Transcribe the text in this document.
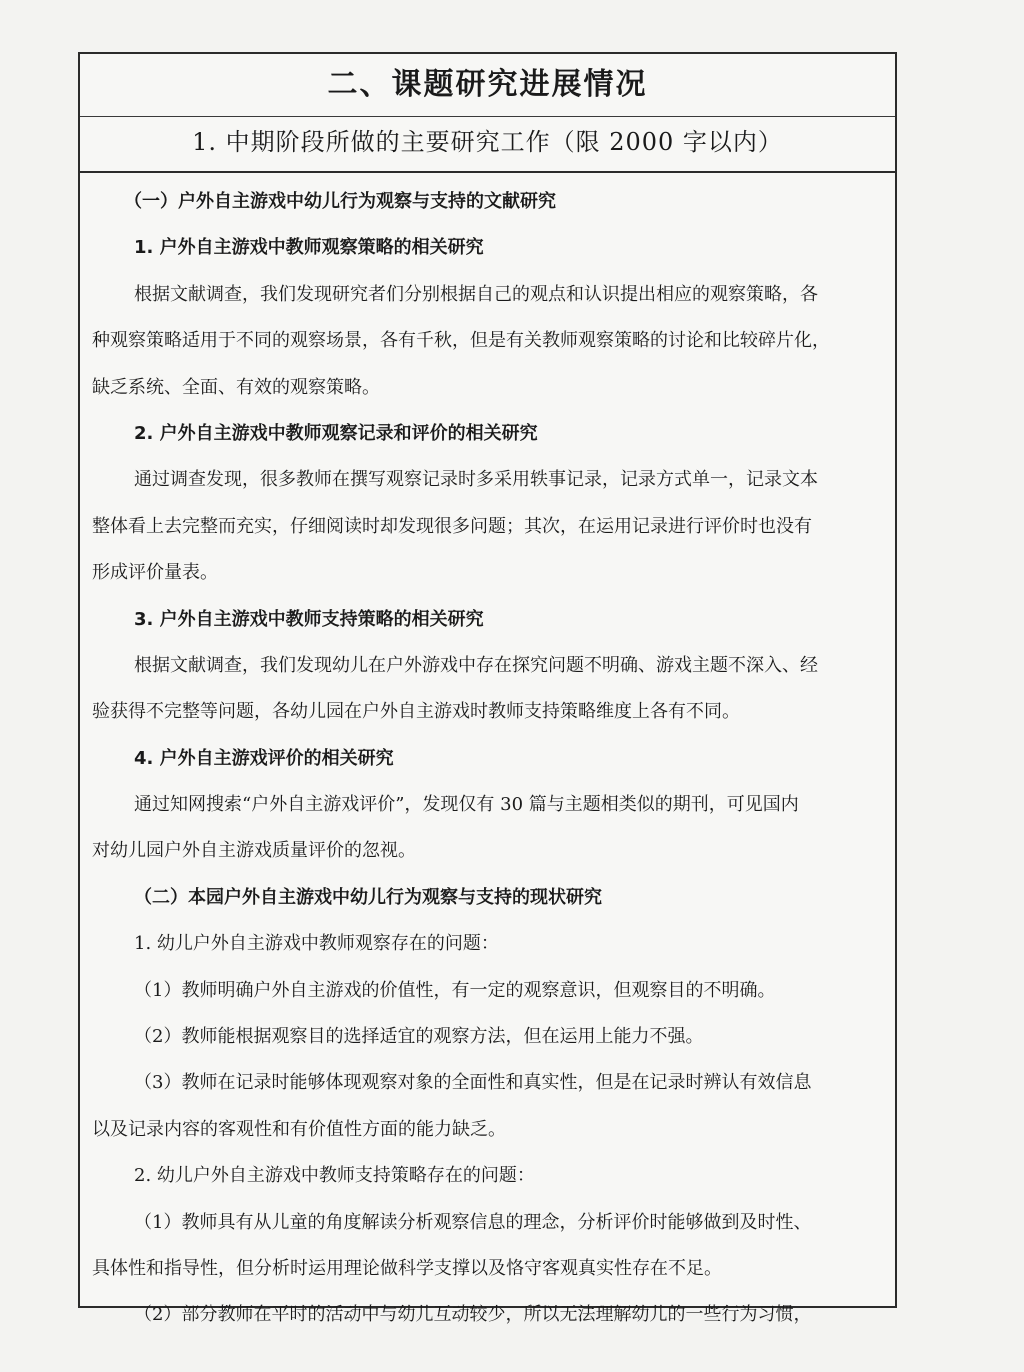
二、课题研究进展情况
1. 中期阶段所做的主要研究工作（限 2000 字以内）
（一）户外自主游戏中幼儿行为观察与支持的文献研究
1. 户外自主游戏中教师观察策略的相关研究
根据文献调查，我们发现研究者们分别根据自己的观点和认识提出相应的观察策略，各
种观察策略适用于不同的观察场景，各有千秋，但是有关教师观察策略的讨论和比较碎片化，
缺乏系统、全面、有效的观察策略。
2. 户外自主游戏中教师观察记录和评价的相关研究
通过调查发现，很多教师在撰写观察记录时多采用轶事记录，记录方式单一，记录文本
整体看上去完整而充实，仔细阅读时却发现很多问题；其次，在运用记录进行评价时也没有
形成评价量表。
3. 户外自主游戏中教师支持策略的相关研究
根据文献调查，我们发现幼儿在户外游戏中存在探究问题不明确、游戏主题不深入、经
验获得不完整等问题，各幼儿园在户外自主游戏时教师支持策略维度上各有不同。
4. 户外自主游戏评价的相关研究
通过知网搜索“户外自主游戏评价”，发现仅有 30 篇与主题相类似的期刊，可见国内
对幼儿园户外自主游戏质量评价的忽视。
（二）本园户外自主游戏中幼儿行为观察与支持的现状研究
1. 幼儿户外自主游戏中教师观察存在的问题：
（1）教师明确户外自主游戏的价值性，有一定的观察意识，但观察目的不明确。
（2）教师能根据观察目的选择适宜的观察方法，但在运用上能力不强。
（3）教师在记录时能够体现观察对象的全面性和真实性，但是在记录时辨认有效信息
以及记录内容的客观性和有价值性方面的能力缺乏。
2. 幼儿户外自主游戏中教师支持策略存在的问题：
（1）教师具有从儿童的角度解读分析观察信息的理念，分析评价时能够做到及时性、
具体性和指导性，但分析时运用理论做科学支撑以及恪守客观真实性存在不足。
（2）部分教师在平时的活动中与幼儿互动较少，所以无法理解幼儿的一些行为习惯，
